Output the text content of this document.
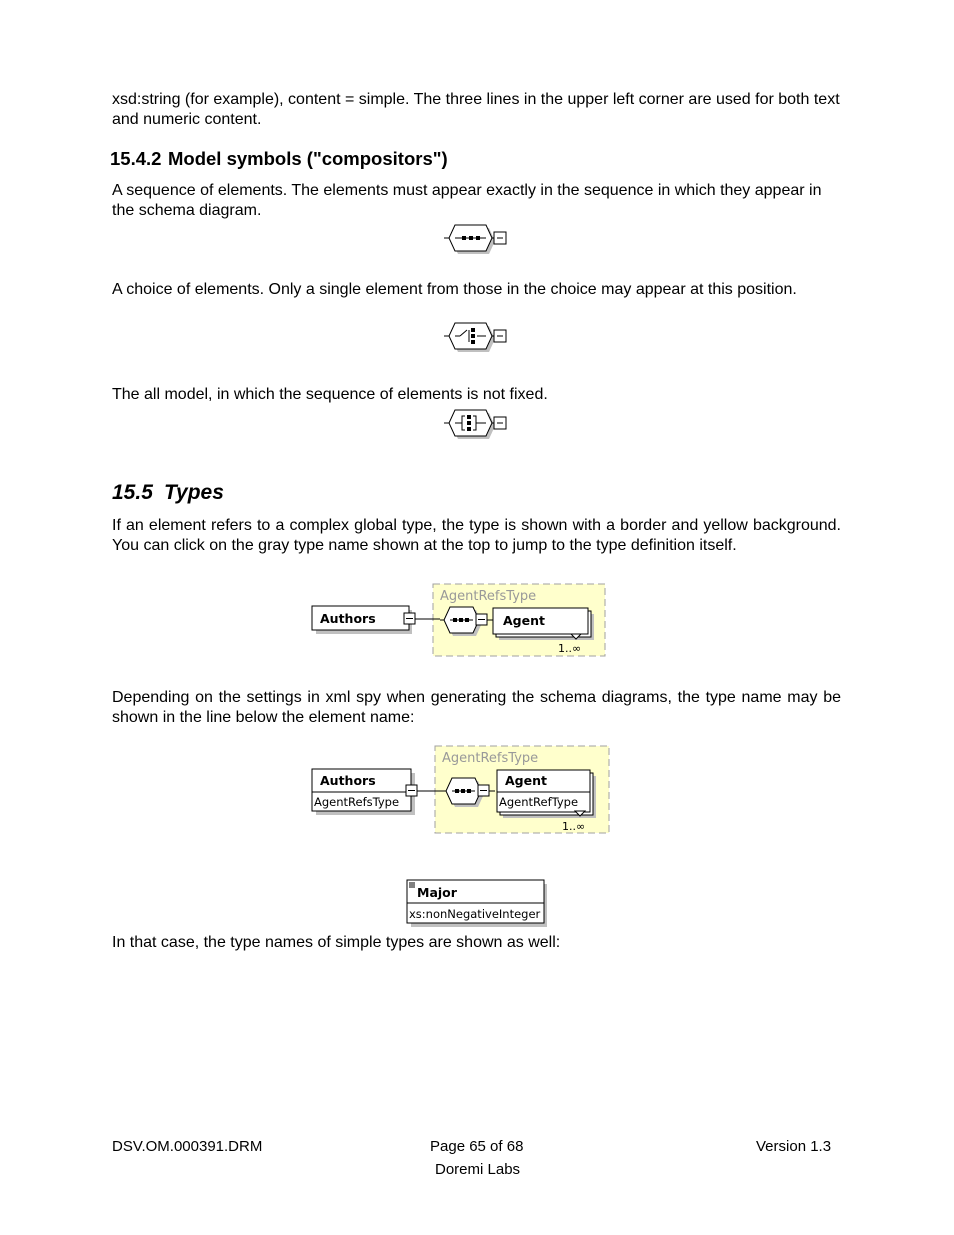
xsd:string (for example), content = simple. The three lines in the upper left corner are used for both text and numeric content.

15.4.2 Model symbols ("compositors")

A sequence of elements. The elements must appear exactly in the sequence in which they appear in the schema diagram.

A choice of elements. Only a single element from those in the choice may appear at this position.

The all model, in which the sequence of elements is not fixed.

15.5 Types

If an element refers to a complex global type, the type is shown with a border and yellow background. You can click on the gray type name shown at the top to jump to the type definition itself.

AgentRefsType
Authors	Agent
1..∞

Depending on the settings in xml spy when generating the schema diagrams, the type name may be shown in the line below the element name:

AgentRefsType
Authors
AgentRefsType
Agent
AgentRefType
1..∞
Major
xs:nonNegativeInteger

In that case, the type names of simple types are shown as well:

DSV.OM.000391.DRM	Page 65 of 68

Doremi Labs

Version 1.3
